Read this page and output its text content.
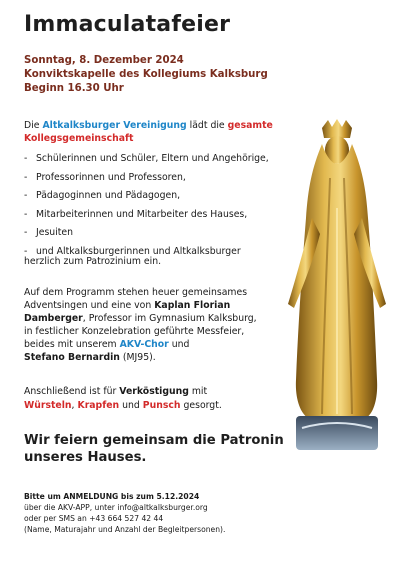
Immaculatafeier
Sonntag, 8. Dezember 2024
Konviktskapelle des Kollegiums Kalksburg
Beginn 16.30 Uhr
Die Altkalksburger Vereinigung lädt die gesamte Kollegsgemeinschaft
- Schülerinnen und Schüler, Eltern und Angehörige,
- Professorinnen und Professoren,
- Pädagoginnen und Pädagogen,
- Mitarbeiterinnen und Mitarbeiter des Hauses,
- Jesuiten
- und Altkalksburgerinnen und Altkalksburger
herzlich zum Patrozinium ein.
Auf dem Programm stehen heuer gemeinsames
Adventsingen und eine von Kaplan Florian
Damberger, Professor im Gymnasium Kalksburg,
in festlicher Konzelebration geführte Messfeier,
beides mit unserem AKV-Chor und
Stefano Bernardin (MJ95).
Anschließend ist für Verköstigung mit
Würsteln, Krapfen und Punsch gesorgt.
Wir feiern gemeinsam die Patronin
unseres Hauses.
Bitte um ANMELDUNG bis zum 5.12.2024
über die AKV-APP, unter info@altkalksburger.org
oder per SMS an +43 664 527 42 44
(Name, Maturajahr und Anzahl der Begleitpersonen).
